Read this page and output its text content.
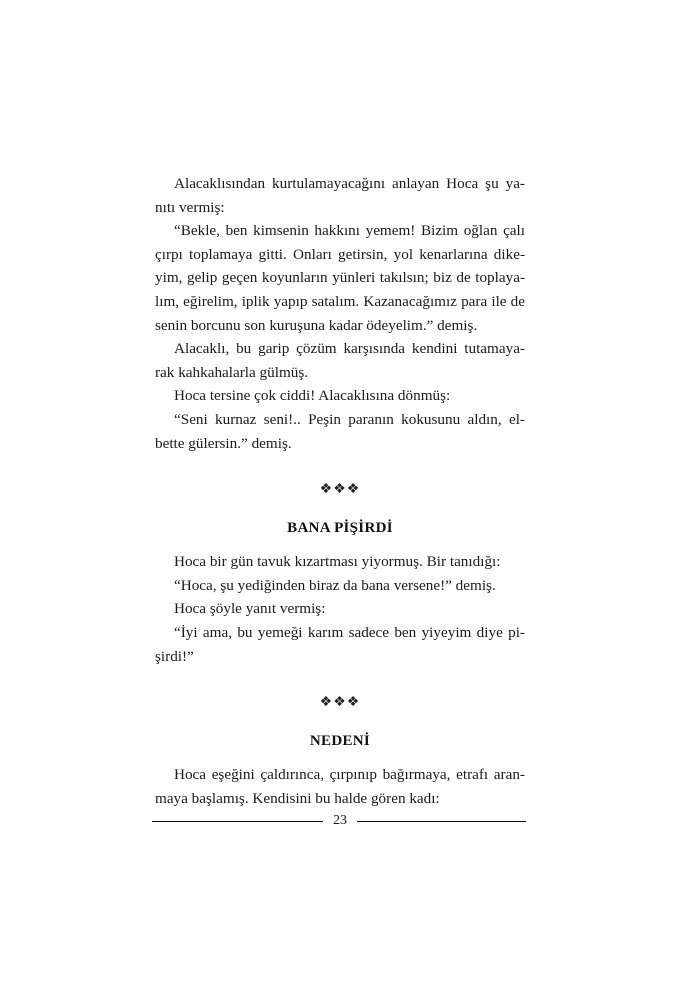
Alacaklısından kurtulamayacağını anlayan Hoca şu ya-
nıtı vermiş:
“Bekle, ben kimsenin hakkını yemem! Bizim oğlan çalı
çırpı toplamaya gitti. Onları getirsin, yol kenarlarına dike-
yim, gelip geçen koyunların yünleri takılsın; biz de toplaya-
lım, eğirelim, iplik yapıp satalım. Kazanacağımız para ile de
senin borcunu son kuruşuna kadar ödeyelim.” demiş.
Alacaklı, bu garip çözüm karşısında kendini tutamaya-
rak kahkahalarla gülmüş.
Hoca tersine çok ciddi! Alacaklısına dönmüş:
“Seni kurnaz seni!.. Peşin paranın kokusunu aldın, el-
bette gülersin.” demiş.
❖❖❖
BANA PİŞİRDİ
Hoca bir gün tavuk kızartması yiyormuş. Bir tanıdığı:
“Hoca, şu yediğinden biraz da bana versene!” demiş.
Hoca şöyle yanıt vermiş:
“İyi ama, bu yemeği karım sadece ben yiyeyim diye pi-
şirdi!”
❖❖❖
NEDENİ
Hoca eşeğini çaldırınca, çırpınıp bağırmaya, etrafı aran-
maya başlamış. Kendisini bu halde gören kadı:
23
